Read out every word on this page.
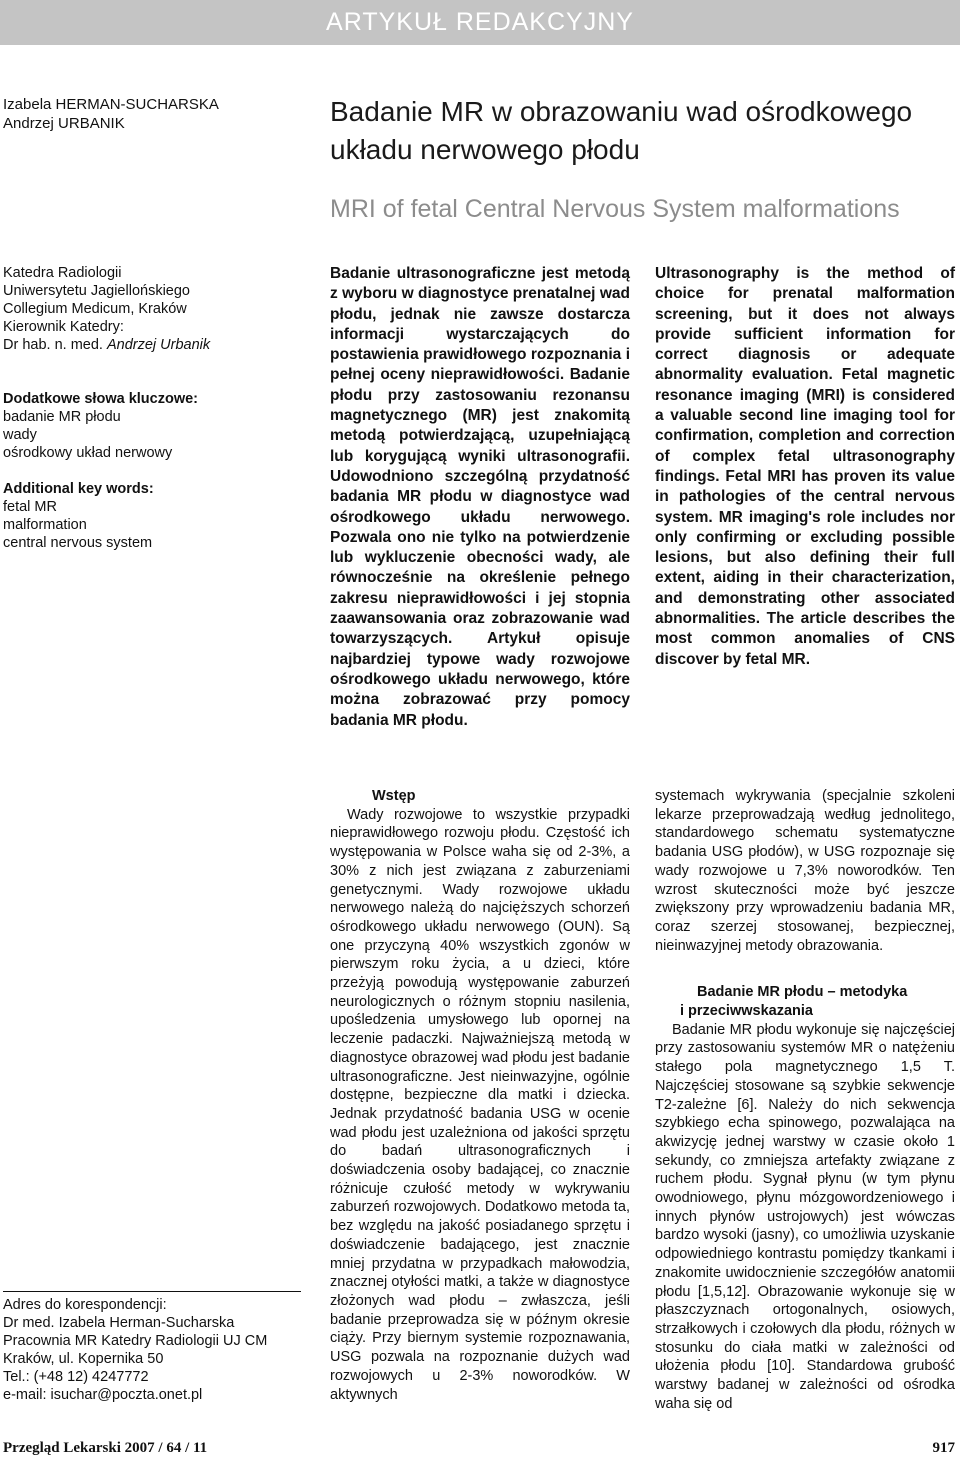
ARTYKUŁ REDAKCYJNY
Izabela HERMAN-SUCHARSKA
Andrzej URBANIK	Badanie MR w obrazowaniu wad ośrodkowego
układu nerwowego płodu
MRI of fetal Central Nervous System malformations
Katedra Radiologii
Uniwersytetu Jagiellońskiego
Collegium Medicum, Kraków
Kierownik Katedry:
Dr hab. n. med. Andrzej Urbanik
Dodatkowe słowa kluczowe:
badanie MR płodu
wady
ośrodkowy układ nerwowy
Additional key words:
fetal MR
malformation
central nervous system
Badanie ultrasonograficzne jest metodą z wyboru w diagnostyce prenatalnej wad płodu, jednak nie zawsze dostarcza informacji wystarczających do postawienia prawidłowego rozpoznania i pełnej oceny nieprawidłowości. Badanie płodu przy zastosowaniu rezonansu magnetycznego (MR) jest znakomitą metodą potwierdzającą, uzupełniającą lub korygującą wyniki ultrasonografii. Udowodniono szczególną przydatność badania MR płodu w diagnostyce wad ośrodkowego układu nerwowego. Pozwala ono nie tylko na potwierdzenie lub wykluczenie obecności wady, ale równocześnie na określenie pełnego zakresu nieprawidłowości i jej stopnia zaawansowania oraz zobrazowanie wad towarzyszących. Artykuł opisuje najbardziej typowe wady rozwojowe ośrodkowego układu nerwowego, które można zobrazować przy pomocy badania MR płodu.
Ultrasonography is the method of choice for prenatal malformation screening, but it does not always provide sufficient information for correct diagnosis or adequate abnormality evaluation. Fetal magnetic resonance imaging (MRI) is considered a valuable second line imaging tool for confirmation, completion and correction of complex fetal ultrasonography findings. Fetal MRI has proven its value in pathologies of the central nervous system. MR imaging's role includes nor only confirming or excluding possible lesions, but also defining their full extent, aiding in their characterization, and demonstrating other associated abnormalities. The article describes the most common anomalies of CNS discover by fetal MR.

Wstęp

Wady rozwojowe to wszystkie przypadki nieprawidłowego rozwoju płodu. Częstość ich występowania w Polsce waha się od 2-3%, a 30% z nich jest związana z zaburzeniami genetycznymi. Wady rozwojowe układu nerwowego należą do najcięższych schorzeń ośrodkowego układu nerwowego (OUN). Są one przyczyną 40% wszystkich zgonów w pierwszym roku życia, a u dzieci, które przeżyją powodują występowanie zaburzeń neurologicznych o różnym stopniu nasilenia, upośledzenia umysłowego lub opornej na leczenie padaczki. Najważniejszą metodą w diagnostyce obrazowej wad płodu jest badanie ultrasonograficzne. Jest nieinwazyjne, ogólnie dostępne, bezpieczne dla matki i dziecka. Jednak przydatność badania USG w ocenie wad płodu jest uzależniona od jakości sprzętu do badań ultrasonograficznych i doświadczenia osoby badającej, co znacznie różnicuje czułość metody w wykrywaniu zaburzeń rozwojowych. Dodatkowo metoda ta, bez względu na jakość posiadanego sprzętu i doświadczenie badającego, jest znacznie mniej przydatna w przypadkach małowodzia, znacznej otyłości matki, a także w diagnostyce złożonych wad płodu – zwłaszcza, jeśli badanie przeprowadza się w późnym okresie ciąży. Przy biernym systemie rozpoznawania, USG pozwala na rozpoznanie dużych wad rozwojowych u 2-3% noworodków. W aktywnych

systemach wykrywania (specjalnie szkoleni lekarze przeprowadzają według jednolitego, standardowego schematu systematyczne badania USG płodów), w USG rozpoznaje się wady rozwojowe u 7,3% noworodków. Ten wzrost skuteczności może być jeszcze zwiększony przy wprowadzeniu badania MR, coraz szerzej stosowanej, bezpiecznej, nieinwazyjnej metody obrazowania.

Badanie MR płodu – metodyka
i przeciwwskazania

Badanie MR płodu wykonuje się najczęściej przy zastosowaniu systemów MR o natężeniu stałego pola magnetycznego 1,5 T. Najczęściej stosowane są szybkie sekwencje T2-zależne [6]. Należy do nich sekwencja szybkiego echa spinowego, pozwalająca na akwizycję jednej warstwy w czasie około 1 sekundy, co zmniejsza artefakty związane z ruchem płodu. Sygnał płynu (w tym płynu owodniowego, płynu mózgowordzeniowego i innych płynów ustrojowych) jest wówczas bardzo wysoki (jasny), co umożliwia uzyskanie odpowiedniego kontrastu pomiędzy tkankami i znakomite uwidocznienie szczegółów anatomii płodu [1,5,12]. Obrazowanie wykonuje się w płaszczyznach ortogonalnych, osiowych, strzałkowych i czołowych dla płodu, różnych w stosunku do ciała matki w zależności od ułożenia płodu [10]. Standardowa grubość warstwy badanej w zależności od ośrodka waha się od

Adres do korespondencji:
Dr med. Izabela Herman-Sucharska
Pracownia MR Katedry Radiologii UJ CM
Kraków, ul. Kopernika 50
Tel.: (+48 12) 4247772
e-mail: isuchar@poczta.onet.pl
Przegląd Lekarski 2007 / 64 / 11	917
